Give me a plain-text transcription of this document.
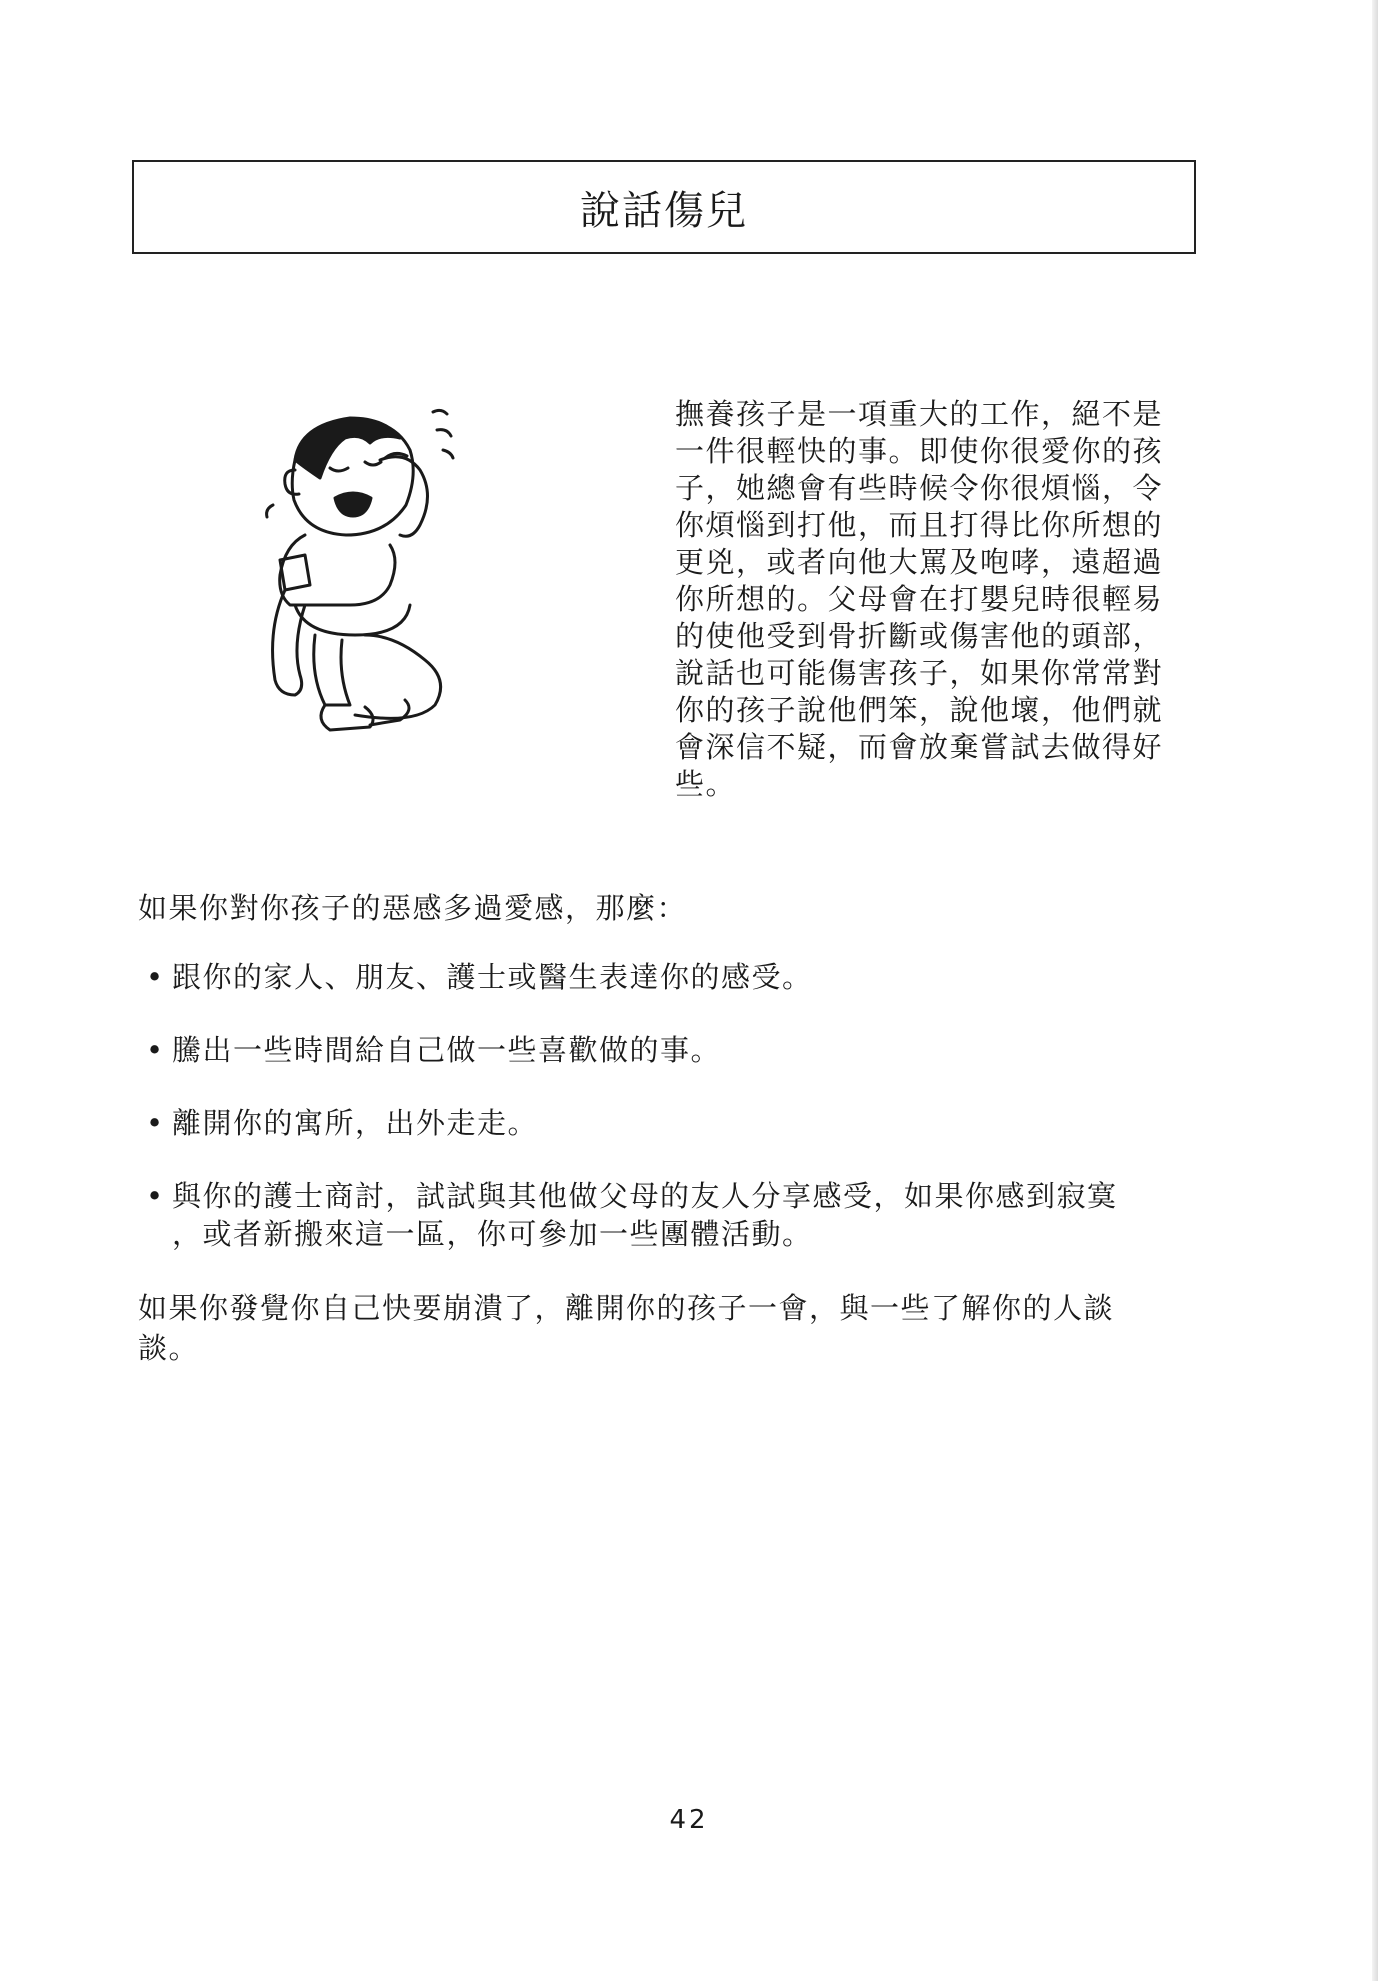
說話傷兒

撫養孩子是一項重大的工作，絕不是
一件很輕快的事。即使你很愛你的孩
子，她總會有些時候令你很煩惱，令
你煩惱到打他，而且打得比你所想的
更兇，或者向他大罵及咆哮，遠超過
你所想的。父母會在打嬰兒時很輕易
的使他受到骨折斷或傷害他的頭部，
說話也可能傷害孩子，如果你常常對
你的孩子說他們笨，說他壞，他們就
會深信不疑，而會放棄嘗試去做得好
些。

如果你對你孩子的惡感多過愛感，那麼：

• 跟你的家人、朋友、護士或醫生表達你的感受。
• 騰出一些時間給自己做一些喜歡做的事。
• 離開你的寓所，出外走走。
• 與你的護士商討，試試與其他做父母的友人分享感受，如果你感到寂寞
，或者新搬來這一區，你可參加一些團體活動。

如果你發覺你自己快要崩潰了，離開你的孩子一會，與一些了解你的人談
談。

42
